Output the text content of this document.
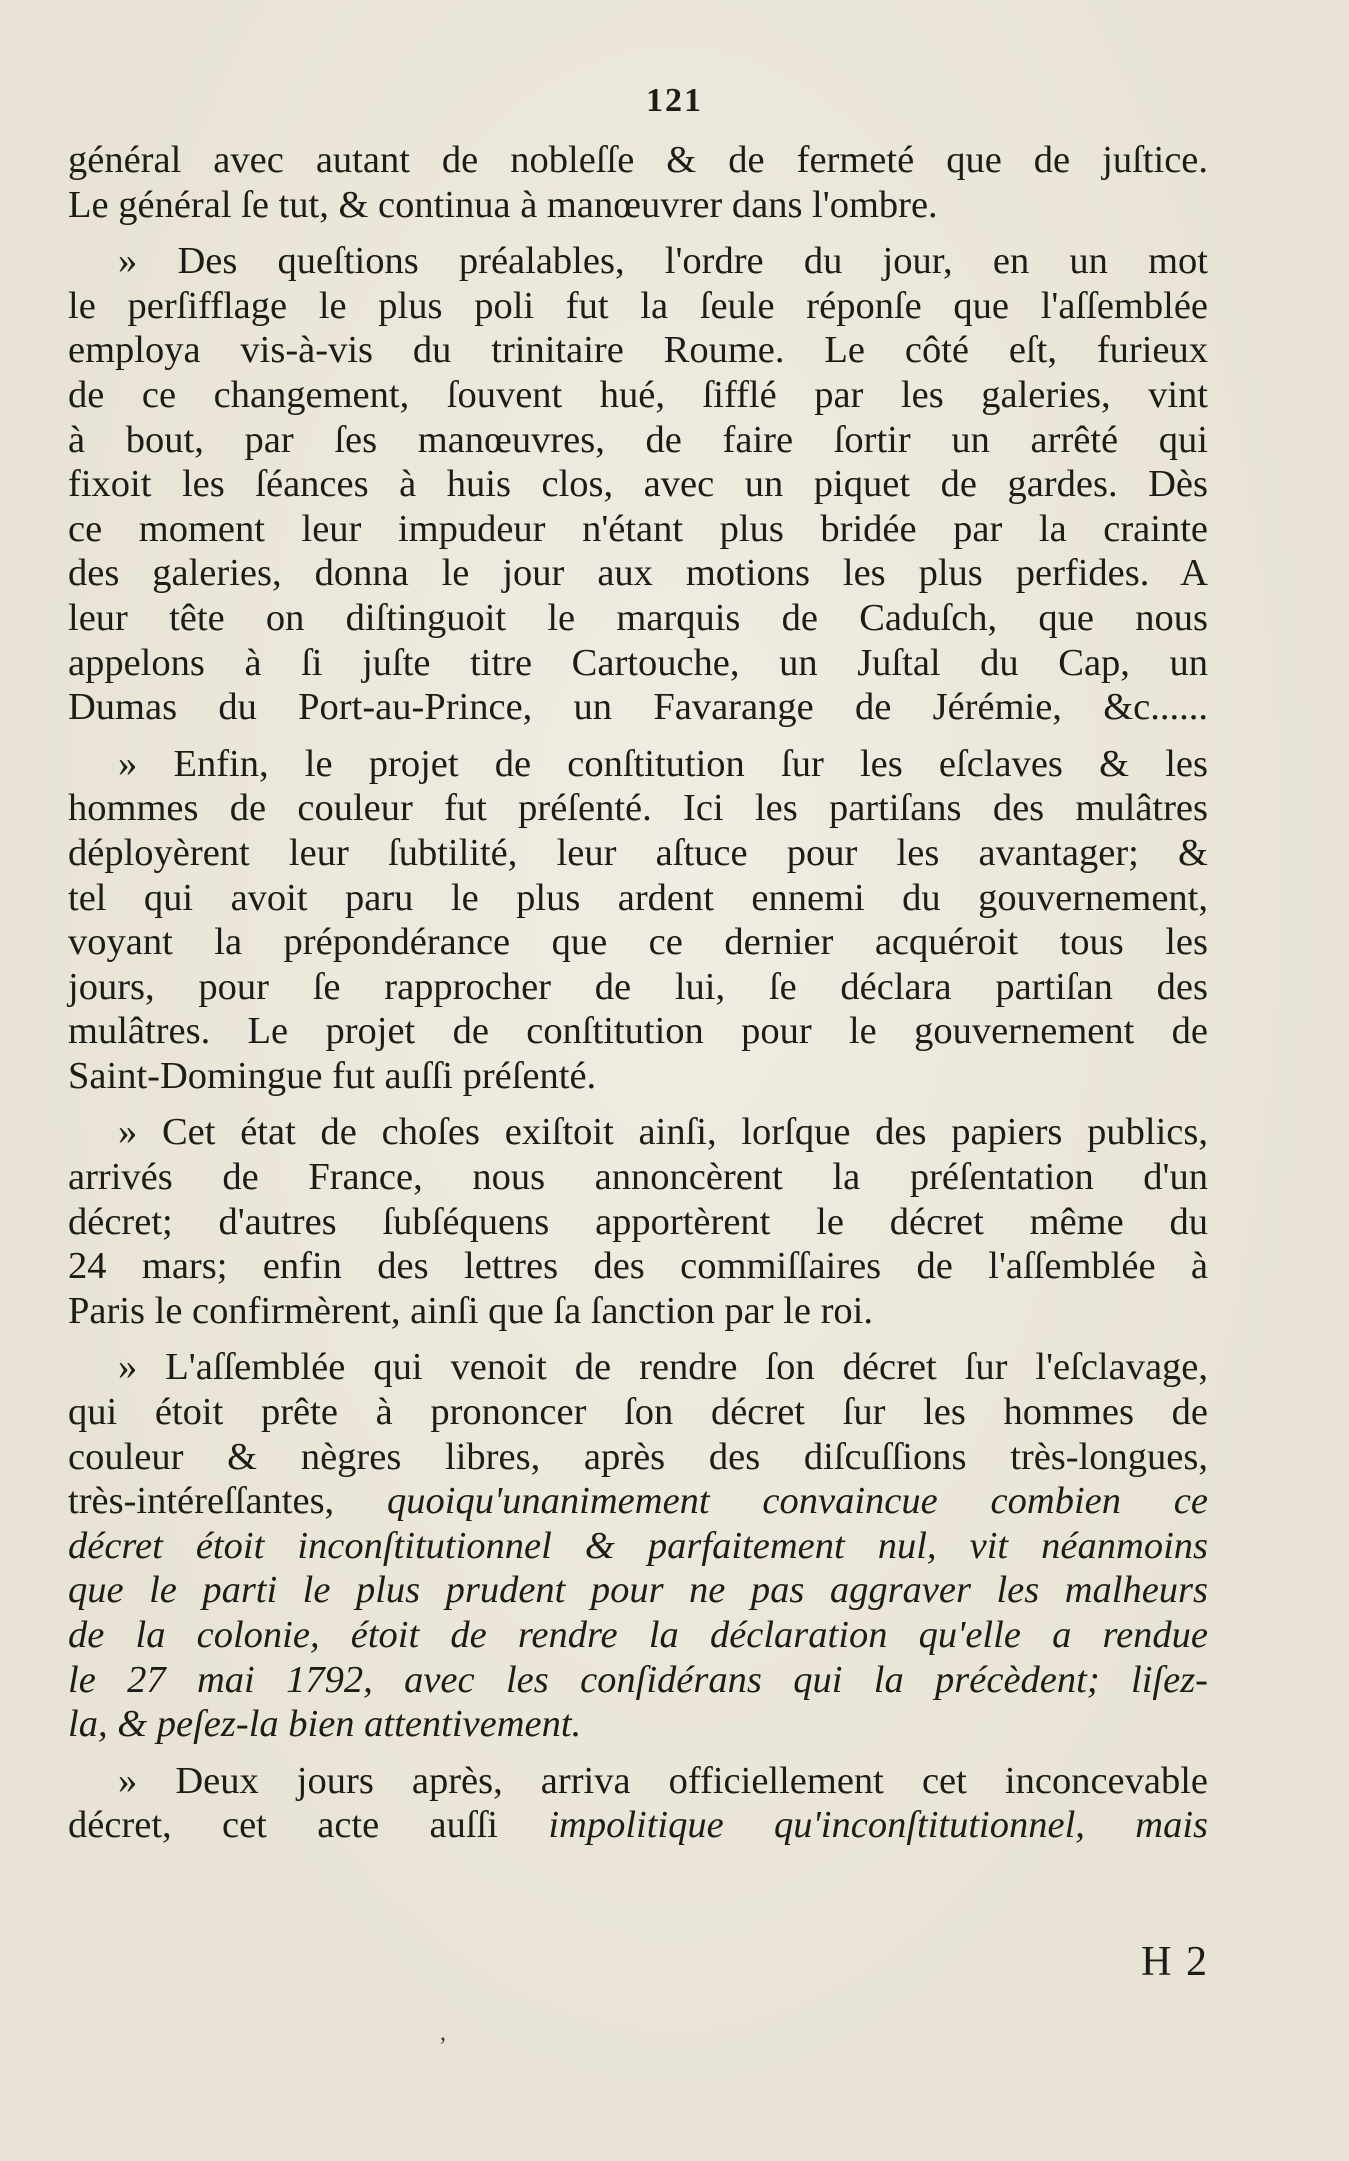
121

général avec autant de nobleſſe & de fermeté que de juſtice.
Le général ſe tut, & continua à manœuvrer dans l'ombre.

» Des queſtions préalables, l'ordre du jour, en un mot
le perſifflage le plus poli fut la ſeule réponſe que l'aſſemblée
employa vis-à-vis du trinitaire Roume. Le côté eſt, furieux
de ce changement, ſouvent hué, ſifflé par les galeries, vint
à bout, par ſes manœuvres, de faire ſortir un arrêté qui
fixoit les ſéances à huis clos, avec un piquet de gardes. Dès
ce moment leur impudeur n'étant plus bridée par la crainte
des galeries, donna le jour aux motions les plus perfides. A
leur tête on diſtinguoit le marquis de Caduſch, que nous
appelons à ſi juſte titre Cartouche, un Juſtal du Cap, un
Dumas du Port-au-Prince, un Favarange de Jérémie, &c......

» Enfin, le projet de conſtitution ſur les eſclaves & les
hommes de couleur fut préſenté. Ici les partiſans des mulâtres
déployèrent leur ſubtilité, leur aſtuce pour les avantager; &
tel qui avoit paru le plus ardent ennemi du gouvernement,
voyant la prépondérance que ce dernier acquéroit tous les
jours, pour ſe rapprocher de lui, ſe déclara partiſan des
mulâtres. Le projet de conſtitution pour le gouvernement de
Saint-Domingue fut auſſi préſenté.

» Cet état de choſes exiſtoit ainſi, lorſque des papiers publics,
arrivés de France, nous annoncèrent la préſentation d'un
décret; d'autres ſubſéquens apportèrent le décret même du
24 mars; enfin des lettres des commiſſaires de l'aſſemblée à
Paris le confirmèrent, ainſi que ſa ſanction par le roi.

» L'aſſemblée qui venoit de rendre ſon décret ſur l'eſclavage,
qui étoit prête à prononcer ſon décret ſur les hommes de
couleur & nègres libres, après des diſcuſſions très-longues,
très-intéreſſantes, quoiqu'unanimement convaincue combien ce
décret étoit inconſtitutionnel & parfaitement nul, vit néanmoins
que le parti le plus prudent pour ne pas aggraver les malheurs
de la colonie, étoit de rendre la déclaration qu'elle a rendue
le 27 mai 1792, avec les conſidérans qui la précèdent; liſez-
la, & peſez-la bien attentivement.

» Deux jours après, arriva officiellement cet inconcevable
décret, cet acte auſſi impolitique qu'inconſtitutionnel, mais

H 2
,
